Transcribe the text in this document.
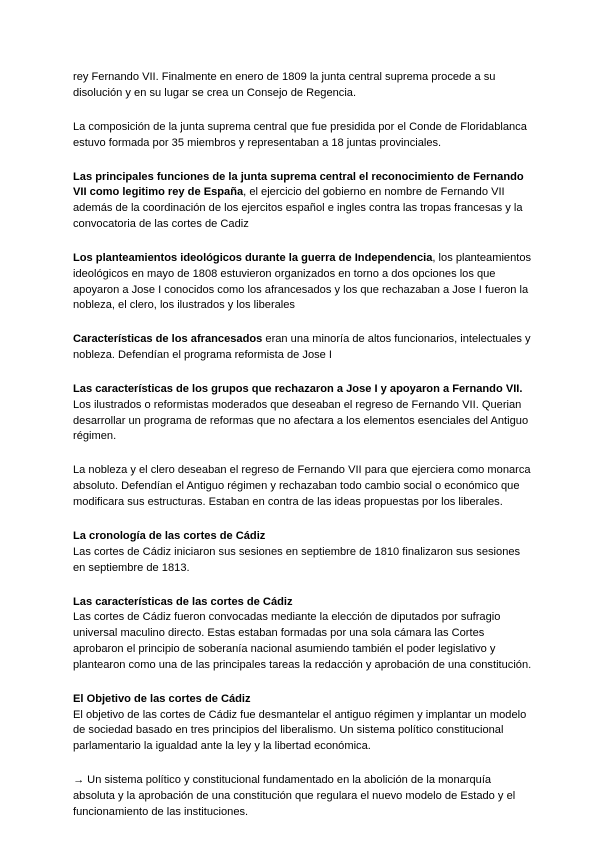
rey Fernando VII. Finalmente en enero de 1809 la junta central suprema procede a su disolución y en su lugar se crea un Consejo de Regencia.

La composición de la junta suprema central que fue presidida por el Conde de Floridablanca estuvo formada por 35 miembros y representaban a 18 juntas provinciales.

Las principales funciones de la junta suprema central el reconocimiento de Fernando VII como legitimo rey de España, el ejercicio del gobierno en nombre de Fernando VII además de la coordinación de los ejercitos español e ingles contra las tropas francesas y la convocatoria de las cortes de Cadiz

Los planteamientos ideológicos durante la guerra de Independencia, los planteamientos ideológicos en mayo de 1808 estuvieron organizados en torno a dos opciones los que apoyaron a Jose I conocidos como los afrancesados y los que rechazaban a Jose I fueron la nobleza, el clero, los ilustrados y los liberales

Características de los afrancesados eran una minoría de altos funcionarios, intelectuales y nobleza. Defendían el programa reformista de Jose I

Las características de los grupos que rechazaron a Jose I y apoyaron a Fernando VII. Los ilustrados o reformistas moderados que deseaban el regreso de Fernando VII. Querian desarrollar un programa de reformas que no afectara a los elementos esenciales del Antiguo régimen.

La nobleza y el clero deseaban el regreso de Fernando VII para que ejerciera como monarca absoluto. Defendían el Antiguo régimen y rechazaban todo cambio social o económico que modificara sus estructuras. Estaban en contra de las ideas propuestas por los liberales.

La cronología de las cortes de Cádiz
Las cortes de Cádiz iniciaron sus sesiones en septiembre de 1810 finalizaron sus sesiones en septiembre de 1813.

Las características de las cortes de Cádiz
Las cortes de Cádiz fueron convocadas mediante la elección de diputados por sufragio universal maculino directo. Estas estaban formadas por una sola cámara las Cortes aprobaron el principio de soberanía nacional asumiendo también el poder legislativo y plantearon como una de las principales tareas la redacción y aprobación de una constitución.

El Objetivo de las cortes de Cádiz
El objetivo de las cortes de Cádiz fue desmantelar el antiguo régimen y implantar un modelo de sociedad basado en tres principios del liberalismo. Un sistema político constitucional parlamentario la igualdad ante la ley y la libertad económica.

→ Un sistema político y constitucional fundamentado en la abolición de la monarquía absoluta y la aprobación de una constitución que regulara el nuevo modelo de Estado y el funcionamiento de las instituciones.
